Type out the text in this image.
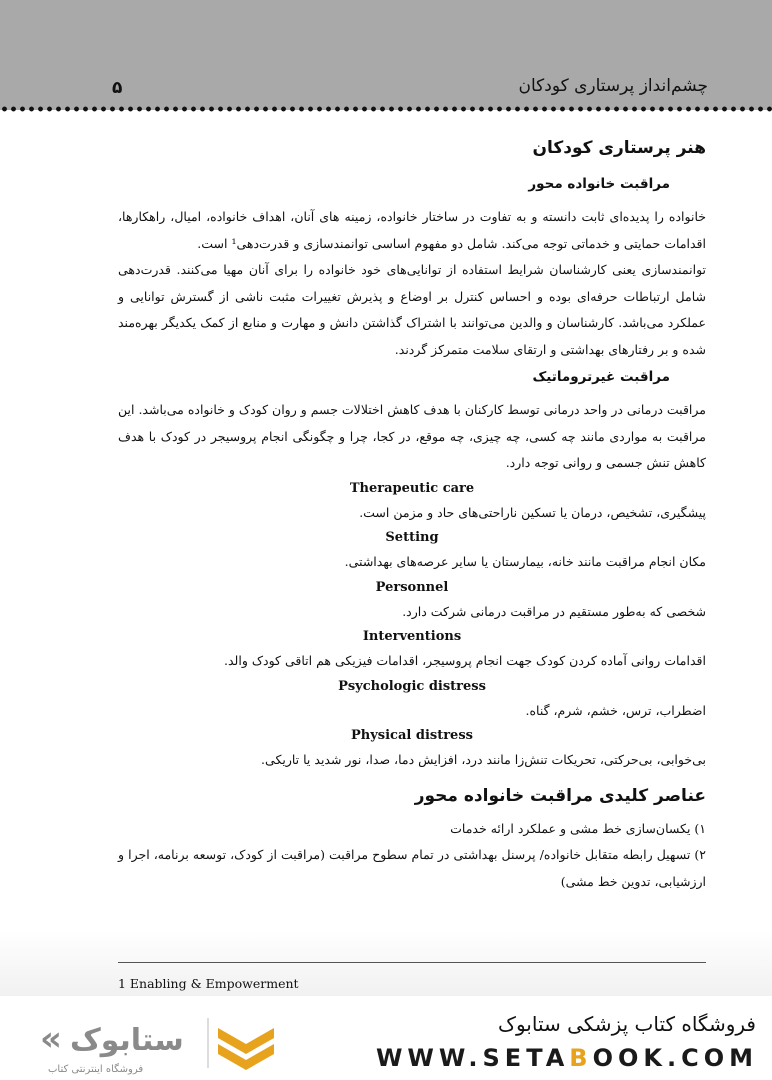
چشم‌انداز پرستاری کودکان
۵
هنر پرستاری کودکان
مراقبت خانواده محور

خانواده را پدیده‌ای ثابت دانسته و به تفاوت در ساختار خانواده، زمینه های آنان، اهداف خانواده، امیال، راهکارها، اقدامات حمایتی و خدماتی توجه می‌کند. شامل دو مفهوم اساسی توانمندسازی و قدرت‌دهی¹ است.

توانمندسازی یعنی کارشناسان شرایط استفاده از توانایی‌های خود خانواده را برای آنان مهیا می‌کنند. قدرت‌دهی شامل ارتباطات حرفه‌ای بوده و احساس کنترل بر اوضاع و پذیرش تغییرات مثبت ناشی از گسترش توانایی و عملکرد می‌باشد. کارشناسان و والدین می‌توانند با اشتراک گذاشتن دانش و مهارت و منابع از کمک یکدیگر بهره‌مند شده و بر رفتارهای بهداشتی و ارتقای سلامت متمرکز گردند.

مراقبت غیرتروماتیک

مراقبت درمانی در واحد درمانی توسط کارکنان با هدف کاهش اختلالات جسم و روان کودک و خانواده می‌باشد. این مراقبت به مواردی مانند چه کسی، چه چیزی، چه موقع، در کجا، چرا و چگونگی انجام پروسیجر در کودک با هدف کاهش تنش جسمی و روانی توجه دارد.

Therapeutic care

پیشگیری، تشخیص، درمان یا تسکین ناراحتی‌های حاد و مزمن است.

Setting

مکان انجام مراقبت مانند خانه، بیمارستان یا سایر عرصه‌های بهداشتی.

Personnel

شخصی که به‌طور مستقیم در مراقبت درمانی شرکت دارد.

Interventions

اقدامات روانی آماده کردن کودک جهت انجام پروسیجر، اقدامات فیزیکی هم اتاقی کودک والد.

Psychologic distress

اضطراب، ترس، خشم، شرم، گناه.

Physical distress

بی‌خوابی، بی‌حرکتی، تحریکات تنش‌زا مانند درد، افزایش دما، صدا، نور شدید یا تاریکی.

عناصر کلیدی مراقبت خانواده محور

۱) یکسان‌سازی خط مشی و عملکرد ارائه خدمات

۲) تسهیل رابطه متقابل خانواده/ پرسنل بهداشتی در تمام سطوح مراقبت (مراقبت از کودک، توسعه برنامه، اجرا و ارزشیابی، تدوین خط مشی)

1 Enabling & Empowerment
« ستابوک
فروشگاه اینترنتی کتاب
فروشگاه کتاب پزشکی ستابوک
WWW.SETABOOK.COM
